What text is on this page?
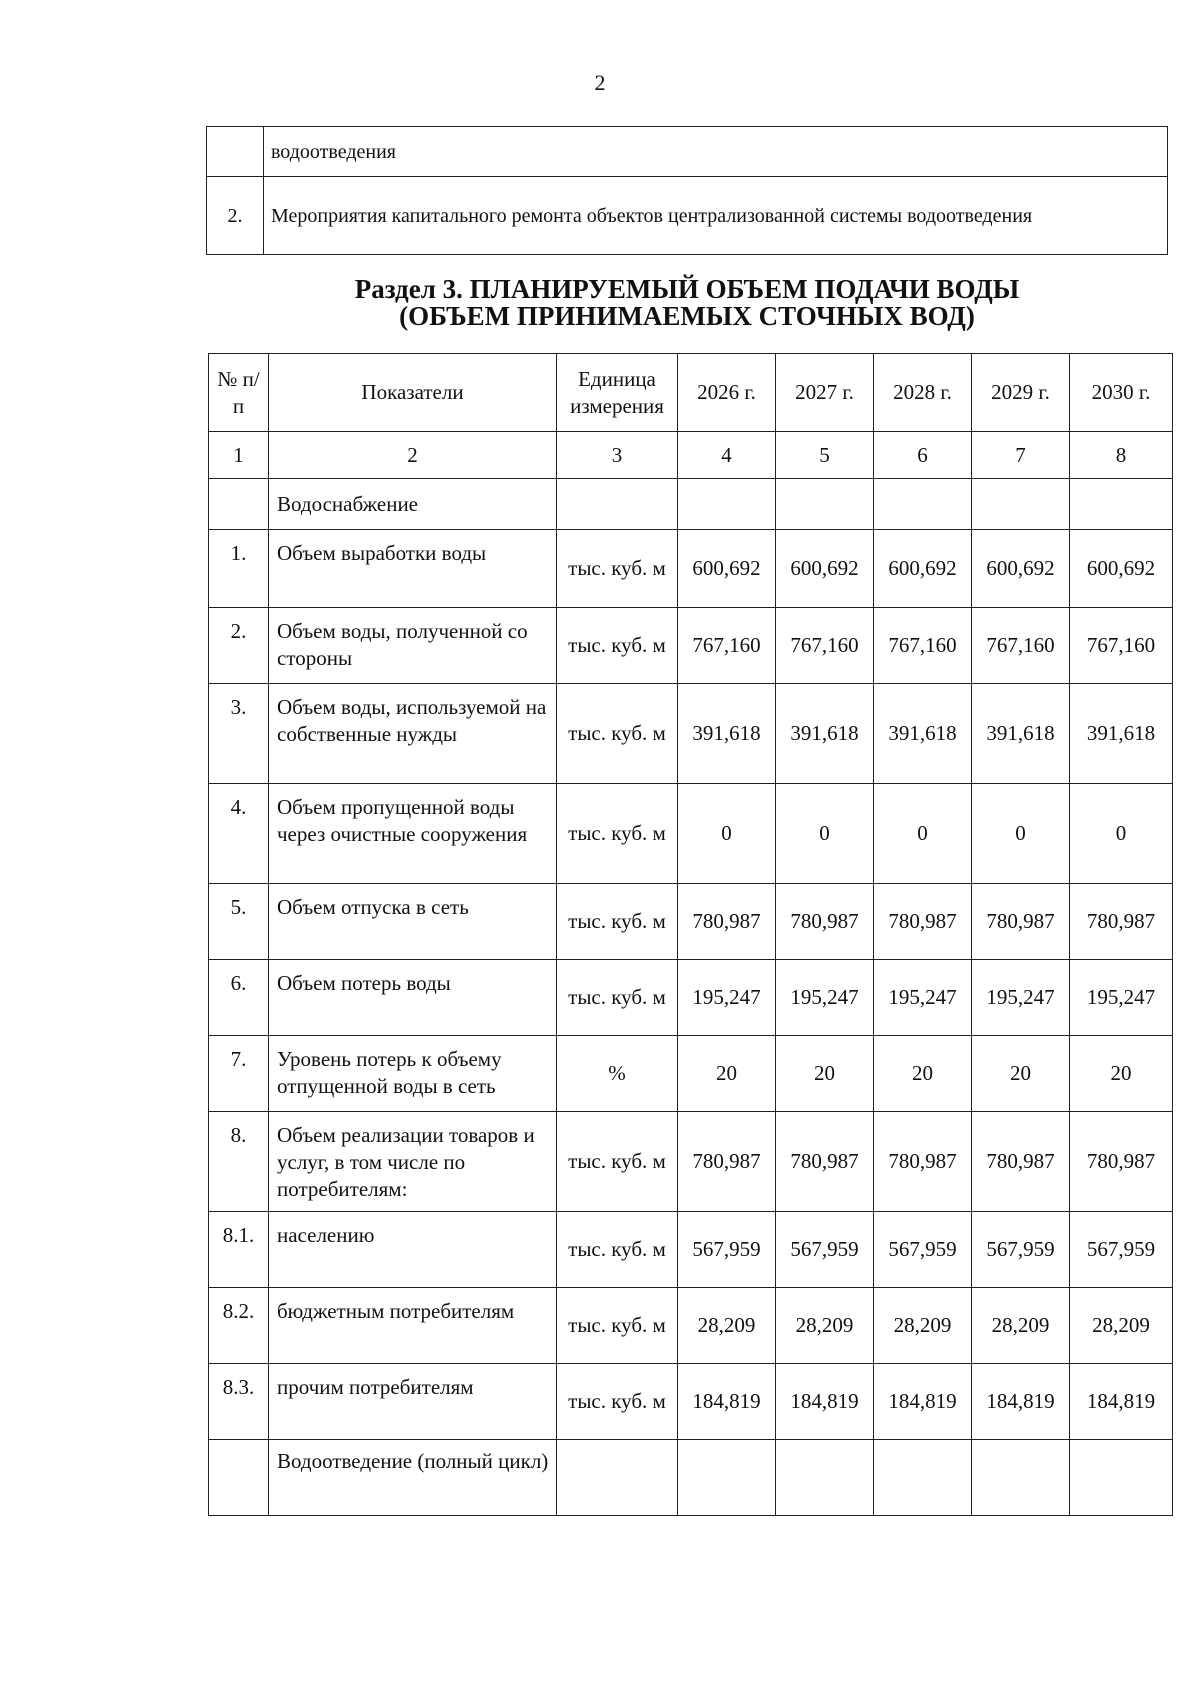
2
	водоотведения
2.	Мероприятия капитального ремонта объектов централизованной системы водоотведения
Раздел 3. ПЛАНИРУЕМЫЙ ОБЪЕМ ПОДАЧИ ВОДЫ
(ОБЪЕМ ПРИНИМАЕМЫХ СТОЧНЫХ ВОД)
№ п/п	Показатели	Единица измерения	2026 г.	2027 г.	2028 г.	2029 г.	2030 г.
1	2	3	4	5	6	7	8
	Водоснабжение						
1.	Объем выработки воды	тыс. куб. м	600,692	600,692	600,692	600,692	600,692
2.	Объем воды, полученной со стороны	тыс. куб. м	767,160	767,160	767,160	767,160	767,160
3.	Объем воды, используемой на собственные нужды	тыс. куб. м	391,618	391,618	391,618	391,618	391,618
4.	Объем пропущенной воды через очистные сооружения	тыс. куб. м	0	0	0	0	0
5.	Объем отпуска в сеть	тыс. куб. м	780,987	780,987	780,987	780,987	780,987
6.	Объем потерь воды	тыс. куб. м	195,247	195,247	195,247	195,247	195,247
7.	Уровень потерь к объему отпущенной воды в сеть	%	20	20	20	20	20
8.	Объем реализации товаров и услуг, в том числе по потребителям:	тыс. куб. м	780,987	780,987	780,987	780,987	780,987
8.1.	населению	тыс. куб. м	567,959	567,959	567,959	567,959	567,959
8.2.	бюджетным потребителям	тыс. куб. м	28,209	28,209	28,209	28,209	28,209
8.3.	прочим потребителям	тыс. куб. м	184,819	184,819	184,819	184,819	184,819
	Водоотведение (полный цикл)						
